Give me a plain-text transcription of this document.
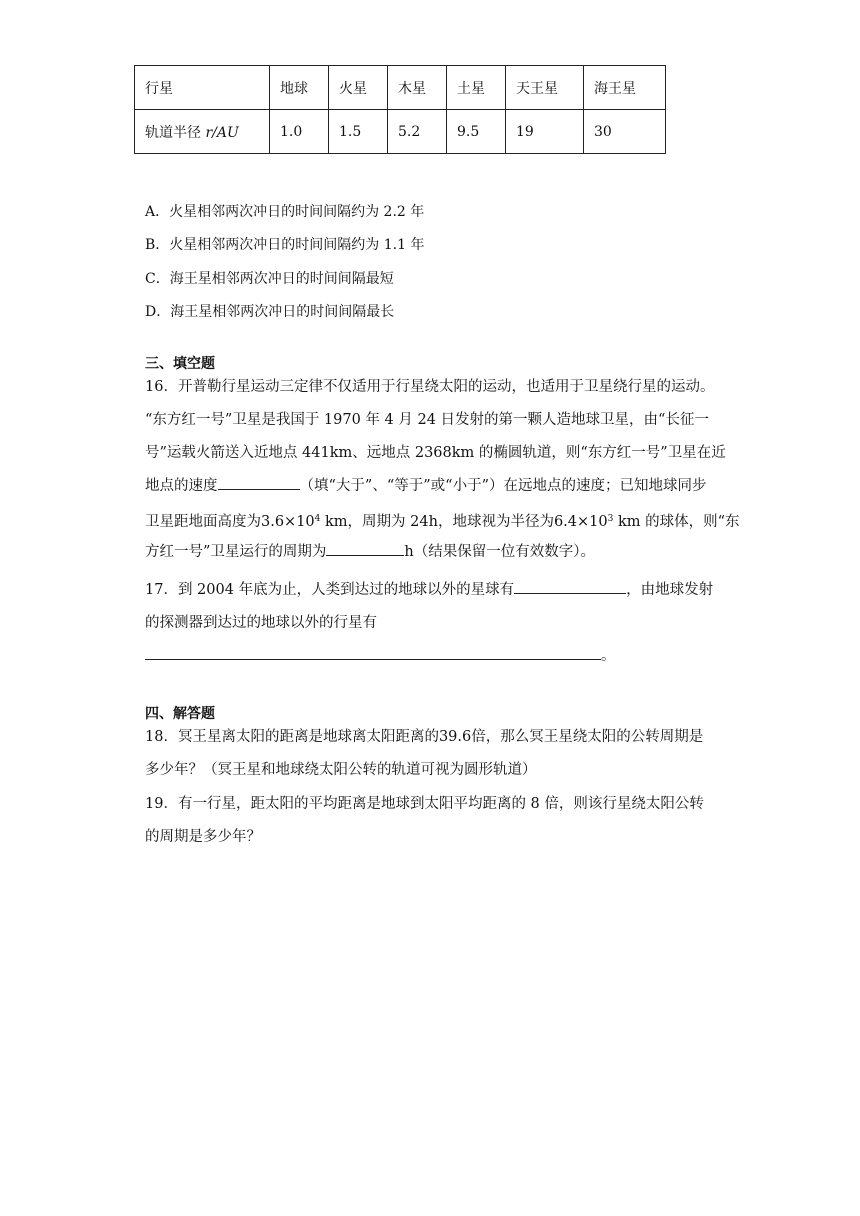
行星	地球	火星	木星	土星	天王星	海王星
轨道半径 r/AU	1.0	1.5	5.2	9.5	19	30
A．火星相邻两次冲日的时间间隔约为 2.2 年
B．火星相邻两次冲日的时间间隔约为 1.1 年
C．海王星相邻两次冲日的时间间隔最短
D．海王星相邻两次冲日的时间间隔最长
三、填空题
16．开普勒行星运动三定律不仅适用于行星绕太阳的运动，也适用于卫星绕行星的运动。
“东方红一号”卫星是我国于 1970 年 4 月 24 日发射的第一颗人造地球卫星，由“长征一
号”运载火箭送入近地点 441km、远地点 2368km 的椭圆轨道，则“东方红一号”卫星在近
地点的速度	（填“大于”、“等于”或“小于”）在远地点的速度；已知地球同步
卫星距地面高度为$3.6\times 10^4$ km，周期为 24h，地球视为半径为$6.4\times 10^3$ km 的球体，则“东
方红一号”卫星运行的周期为	h（结果保留一位有效数字）。
17．到 2004 年底为止，人类到达过的地球以外的星球有	，由地球发射
的探测器到达过的地球以外的行星有
。
四、解答题
18．冥王星离太阳的距离是地球离太阳距离的39.6倍，那么冥王星绕太阳的公转周期是
多少年？（冥王星和地球绕太阳公转的轨道可视为圆形轨道）
19．有一行星，距太阳的平均距离是地球到太阳平均距离的 8 倍，则该行星绕太阳公转
的周期是多少年？
